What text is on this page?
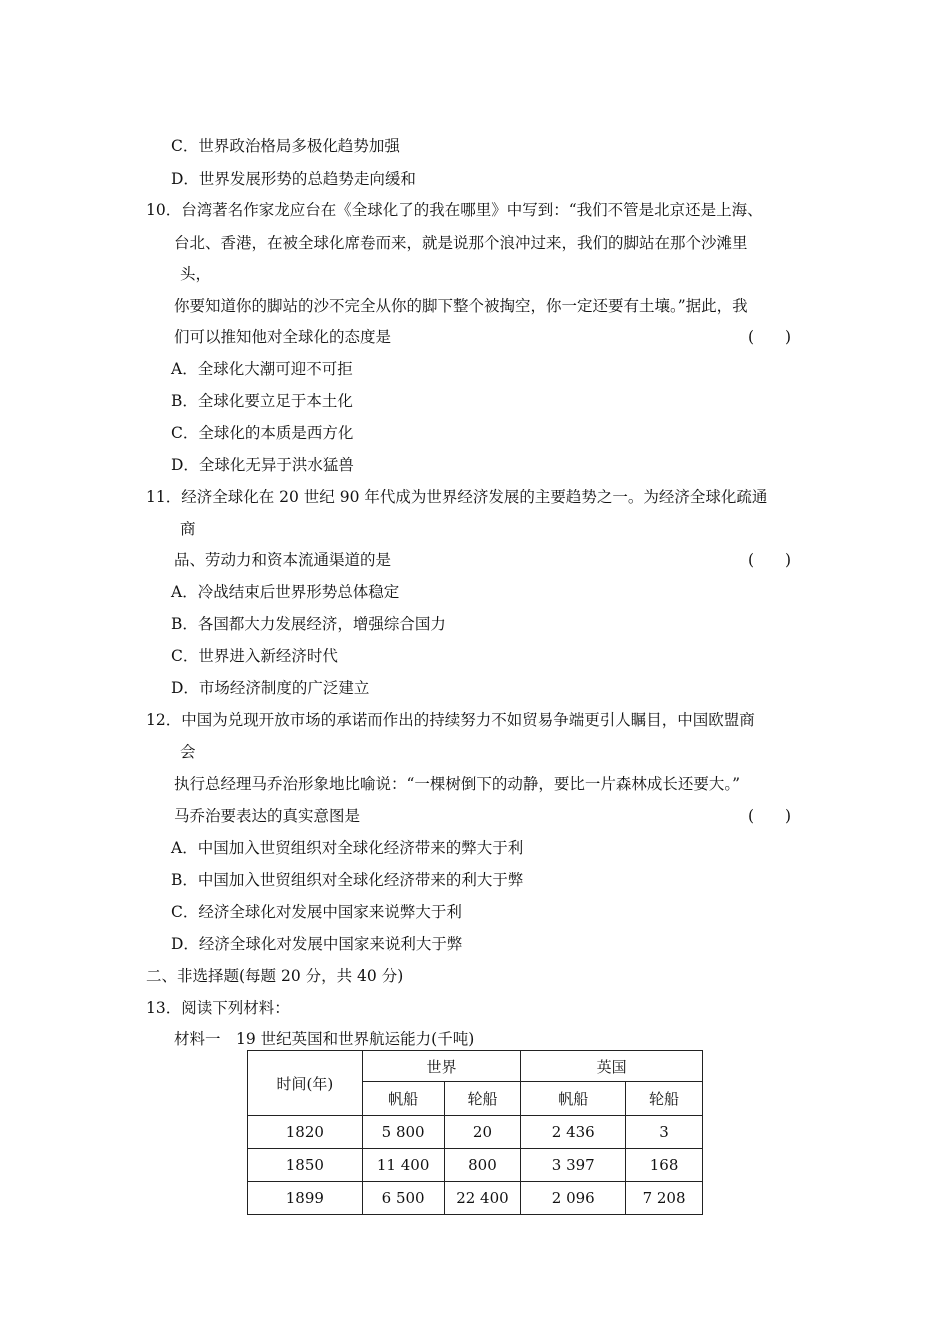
C．世界政治格局多极化趋势加强
D．世界发展形势的总趋势走向缓和
10．台湾著名作家龙应台在《全球化了的我在哪里》中写到：“我们不管是北京还是上海、
台北、香港，在被全球化席卷而来，就是说那个浪冲过来，我们的脚站在那个沙滩里
头，
你要知道你的脚站的沙不完全从你的脚下整个被掏空，你一定还要有土壤。”据此，我
们可以推知他对全球化的态度是	(　　)
A．全球化大潮可迎不可拒
B．全球化要立足于本土化
C．全球化的本质是西方化
D．全球化无异于洪水猛兽
11．经济全球化在 20 世纪 90 年代成为世界经济发展的主要趋势之一。为经济全球化疏通
商
品、劳动力和资本流通渠道的是	(　　)
A．冷战结束后世界形势总体稳定
B．各国都大力发展经济，增强综合国力
C．世界进入新经济时代
D．市场经济制度的广泛建立
12．中国为兑现开放市场的承诺而作出的持续努力不如贸易争端更引人瞩目，中国欧盟商
会
执行总经理马乔治形象地比喻说：“一棵树倒下的动静，要比一片森林成长还要大。”
马乔治要表达的真实意图是	(　　)
A．中国加入世贸组织对全球化经济带来的弊大于利
B．中国加入世贸组织对全球化经济带来的利大于弊
C．经济全球化对发展中国家来说弊大于利
D．经济全球化对发展中国家来说利大于弊
二、非选择题(每题 20 分，共 40 分)
13．阅读下列材料：
材料一　19 世纪英国和世界航运能力(千吨)
时间(年)	世界		英国	
	帆船	轮船	帆船	轮船
1820	5 800	20	2 436	3
1850	11 400	800	3 397	168
1899	6 500	22 400	2 096	7 208
